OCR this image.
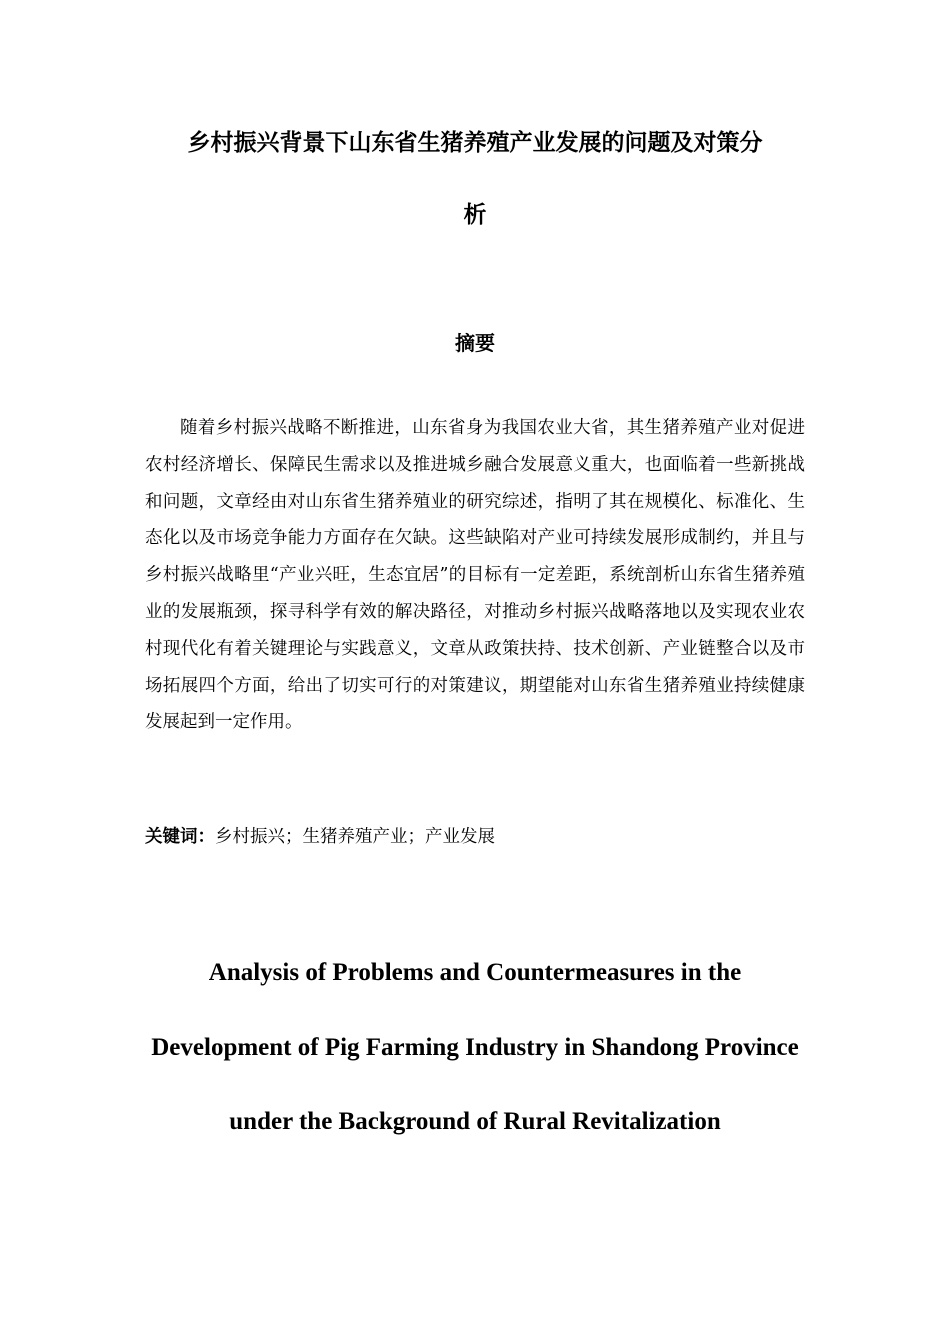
乡村振兴背景下山东省生猪养殖产业发展的问题及对策分
析
摘要

随着乡村振兴战略不断推进，山东省身为我国农业大省，其生猪养殖产业对促进农村经济增长、保障民生需求以及推进城乡融合发展意义重大，也面临着一些新挑战和问题，文章经由对山东省生猪养殖业的研究综述，指明了其在规模化、标准化、生态化以及市场竞争能力方面存在欠缺。这些缺陷对产业可持续发展形成制约，并且与乡村振兴战略里“产业兴旺，生态宜居”的目标有一定差距，系统剖析山东省生猪养殖业的发展瓶颈，探寻科学有效的解决路径，对推动乡村振兴战略落地以及实现农业农村现代化有着关键理论与实践意义，文章从政策扶持、技术创新、产业链整合以及市场拓展四个方面，给出了切实可行的对策建议，期望能对山东省生猪养殖业持续健康发展起到一定作用。

关键词：乡村振兴；生猪养殖产业；产业发展

Analysis of Problems and Countermeasures in the
Development of Pig Farming Industry in Shandong Province
under the Background of Rural Revitalization
